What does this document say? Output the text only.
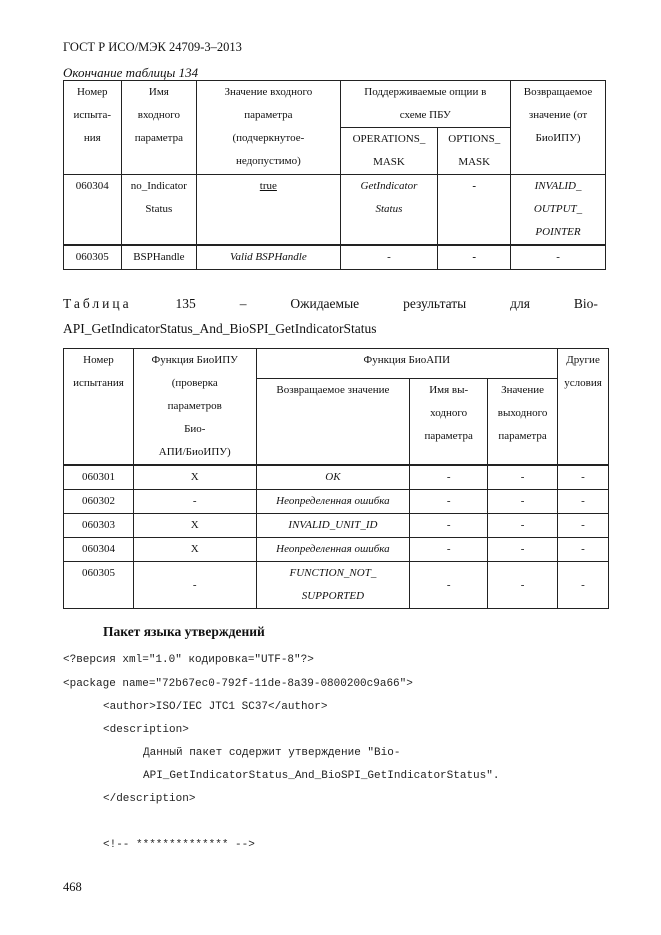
ГОСТ Р ИСО/МЭК 24709-3–2013
Окончание таблицы 134
Номер
испыта-
ния	Имя
входного
параметра	Значение входного
параметра
(подчеркнутое-
недопустимо)	Поддерживаемые опции в
схеме ПБУ		Возвращаемое
значение (от
БиоИПУ)
			OPERATIONS_
MASK	OPTIONS_
MASK	
060304	no_Indicator
Status	true	GetIndicator
Status	-	INVALID_
OUTPUT_
POINTER
060305	BSPHandle	Valid BSPHandle	-	-	-
Таблица	135	–	Ожидаемые	результаты	для	Bio-
API_GetIndicatorStatus_And_BioSPI_GetIndicatorStatus
Номер
испытания	Функция БиоИПУ
(проверка
параметров
Био-
АПИ/БиоИПУ)	Функция БиоАПИ			Другие
условия
		Возвращаемое значение	Имя вы-
ходного
параметра	Значение
выходного
параметра	
060301	X	OK	-	-	-
060302	-	Неопределенная ошибка	-	-	-
060303	X	INVALID_UNIT_ID	-	-	-
060304	X	Неопределенная ошибка	-	-	-
060305	-	FUNCTION_NOT_
SUPPORTED	-	-	-
Пакет языка утверждений
<?версия xml="1.0" кодировка="UTF-8"?>
<package name="72b67ec0-792f-11de-8a39-0800200c9a66">
<author>ISO/IEC JTC1 SC37</author>
<description>
Данный пакет содержит утверждение "Bio-
API_GetIndicatorStatus_And_BioSPI_GetIndicatorStatus".
</description>
<!-- ************** -->
468
